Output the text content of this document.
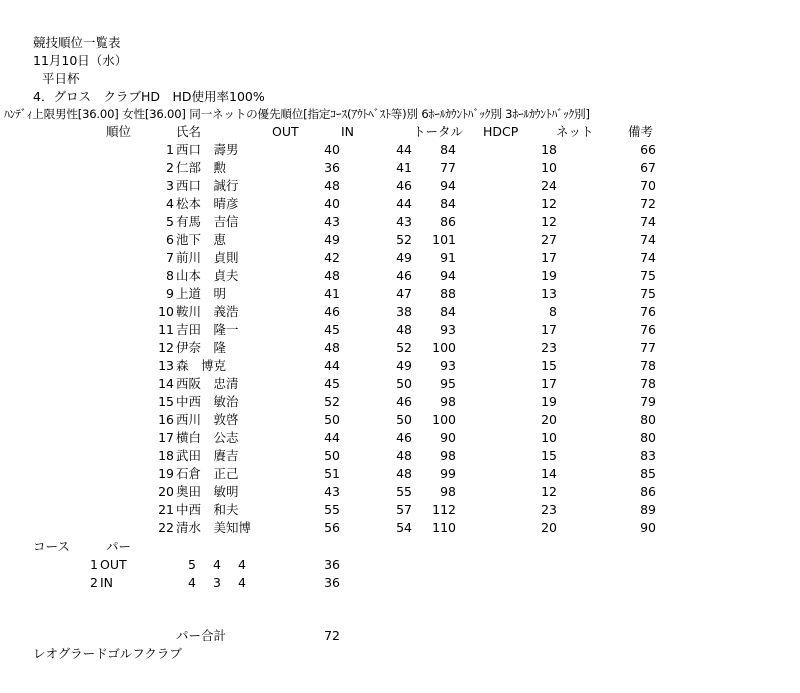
競技順位一覧表
11月10日（水）
平日杯
4．グロス　クラブHD　HD使用率100%
ﾊﾝﾃﾞｨ上限男性[36.00] 女性[36.00] 同一ネットの優先順位[指定ｺｰｽ(ｱｳﾄﾍﾞｽﾄ等)別 6ﾎｰﾙｶｳﾝﾄﾊﾞｯｸ別 3ﾎｰﾙｶｳﾝﾄﾊﾞｯｸ別]
順位	氏名	OUT	IN	トータル HDCP	ネット	備考
1 西口　壽男	40	44	84	18	66
2 仁部　勲	36	41	77	10	67
3 西口　誠行	48	46	94	24	70
4 松本　晴彦	40	44	84	12	72
5 有馬　吉信	43	43	86	12	74
6 池下　恵	49	52 101	27	74
7 前川　貞則	42	49	91	17	74
8 山本　貞夫	48	46	94	19	75
9 上道　明	41	47	88	13	75
10 鞍川　義浩	46	38	84	8	76
11 吉田　隆一	45	48	93	17	76
12 伊奈　隆	48	52 100	23	77
13 森　博克	44	49	93	15	78
14 西阪　忠清	45	50	95	17	78
15 中西　敏治	52	46	98	19	79
16 西川　敦啓	50	50 100	20	80
17 横白　公志	44	46	90	10	80
18 武田　賡吉	50	48	98	15	83
19 石倉　正己	51	48	99	14	85
20 奥田　敏明	43	55	98	12	86
21 中西　和夫	55	57 112	23	89
22 清水　美知博	56	54 110	20	90
コース	パー
1 OUT	5	4	4	36
2 IN	4	3	4	36
パー合計	72
レオグラードゴルフクラブ
